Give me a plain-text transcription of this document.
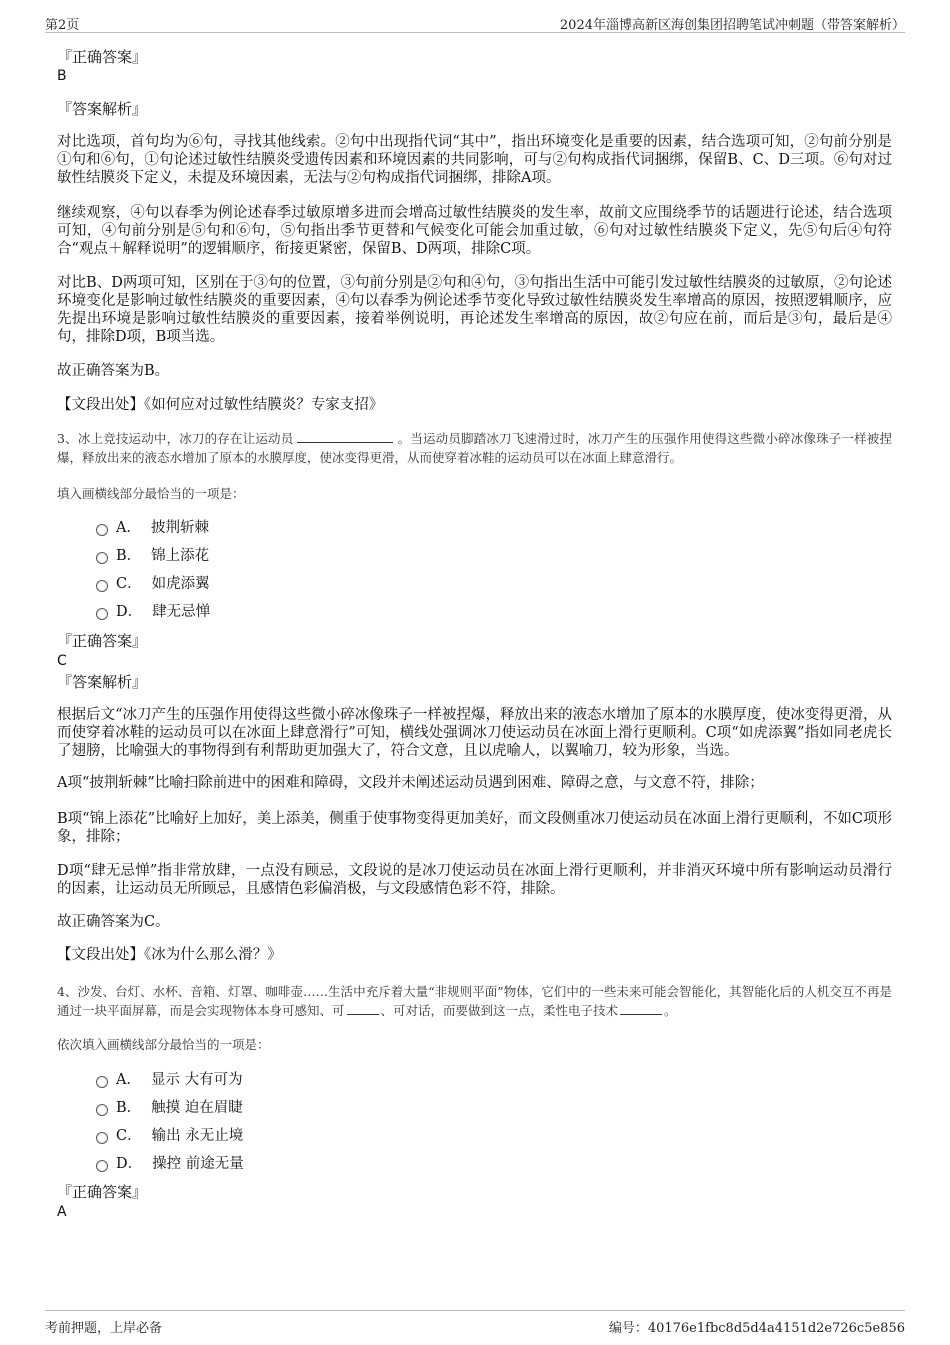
第2页	2024年淄博高新区海创集团招聘笔试冲刺题（带答案解析）
『正确答案』
B
『答案解析』
对比选项，首句均为⑥句，寻找其他线索。②句中出现指代词“其中”，指出环境变化是重要的因素，结合选项可知，②句前分别是①句和⑥句，①句论述过敏性结膜炎受遗传因素和环境因素的共同影响，可与②句构成指代词捆绑，保留B、C、D三项。⑥句对过敏性结膜炎下定义，未提及环境因素，无法与②句构成指代词捆绑，排除A项。
继续观察，④句以春季为例论述春季过敏原增多进而会增高过敏性结膜炎的发生率，故前文应围绕季节的话题进行论述，结合选项可知，④句前分别是⑤句和⑥句，⑤句指出季节更替和气候变化可能会加重过敏，⑥句对过敏性结膜炎下定义，先⑤句后④句符合“观点＋解释说明”的逻辑顺序，衔接更紧密，保留B、D两项，排除C项。
对比B、D两项可知，区别在于③句的位置，③句前分别是②句和④句，③句指出生活中可能引发过敏性结膜炎的过敏原，②句论述环境变化是影响过敏性结膜炎的重要因素，④句以春季为例论述季节变化导致过敏性结膜炎发生率增高的原因，按照逻辑顺序，应先提出环境是影响过敏性结膜炎的重要因素，接着举例说明，再论述发生率增高的原因，故②句应在前，而后是③句，最后是④句，排除D项，B项当选。
故正确答案为B。
【文段出处】《如何应对过敏性结膜炎？专家支招》
3、冰上竞技运动中，冰刀的存在让运动员	。当运动员脚踏冰刀飞速滑过时，冰刀产生的压强作用使得这些微小碎冰像珠子一样被捏爆，释放出来的液态水增加了原本的水膜厚度，使冰变得更滑，从而使穿着冰鞋的运动员可以在冰面上肆意滑行。
填入画横线部分最恰当的一项是：
A． 披荆斩棘
B． 锦上添花
C． 如虎添翼
D． 肆无忌惮
『正确答案』
C
『答案解析』
根据后文“冰刀产生的压强作用使得这些微小碎冰像珠子一样被捏爆，释放出来的液态水增加了原本的水膜厚度，使冰变得更滑，从而使穿着冰鞋的运动员可以在冰面上肆意滑行”可知，横线处强调冰刀使运动员在冰面上滑行更顺利。C项“如虎添翼”指如同老虎长了翅膀，比喻强大的事物得到有利帮助更加强大了，符合文意，且以虎喻人，以翼喻刀，较为形象，当选。
A项“披荆斩棘”比喻扫除前进中的困难和障碍，文段并未阐述运动员遇到困难、障碍之意，与文意不符，排除；
B项“锦上添花”比喻好上加好，美上添美，侧重于使事物变得更加美好，而文段侧重冰刀使运动员在冰面上滑行更顺利，不如C项形象，排除；
D项“肆无忌惮”指非常放肆，一点没有顾忌，文段说的是冰刀使运动员在冰面上滑行更顺利，并非消灭环境中所有影响运动员滑行的因素，让运动员无所顾忌，且感情色彩偏消极，与文段感情色彩不符，排除。
故正确答案为C。
【文段出处】《冰为什么那么滑？》
4、沙发、台灯、水杯、音箱、灯罩、咖啡壶……生活中充斥着大量“非规则平面”物体，它们中的一些未来可能会智能化，其智能化后的人机交互不再是通过一块平面屏幕，而是会实现物体本身可感知、可	、可对话，而要做到这一点，柔性电子技术	。
依次填入画横线部分最恰当的一项是：
A． 显示 大有可为
B． 触摸 迫在眉睫
C． 输出 永无止境
D． 操控 前途无量
『正确答案』
A
考前押题，上岸必备	编号：40176e1fbc8d5d4a4151d2e726c5e856
